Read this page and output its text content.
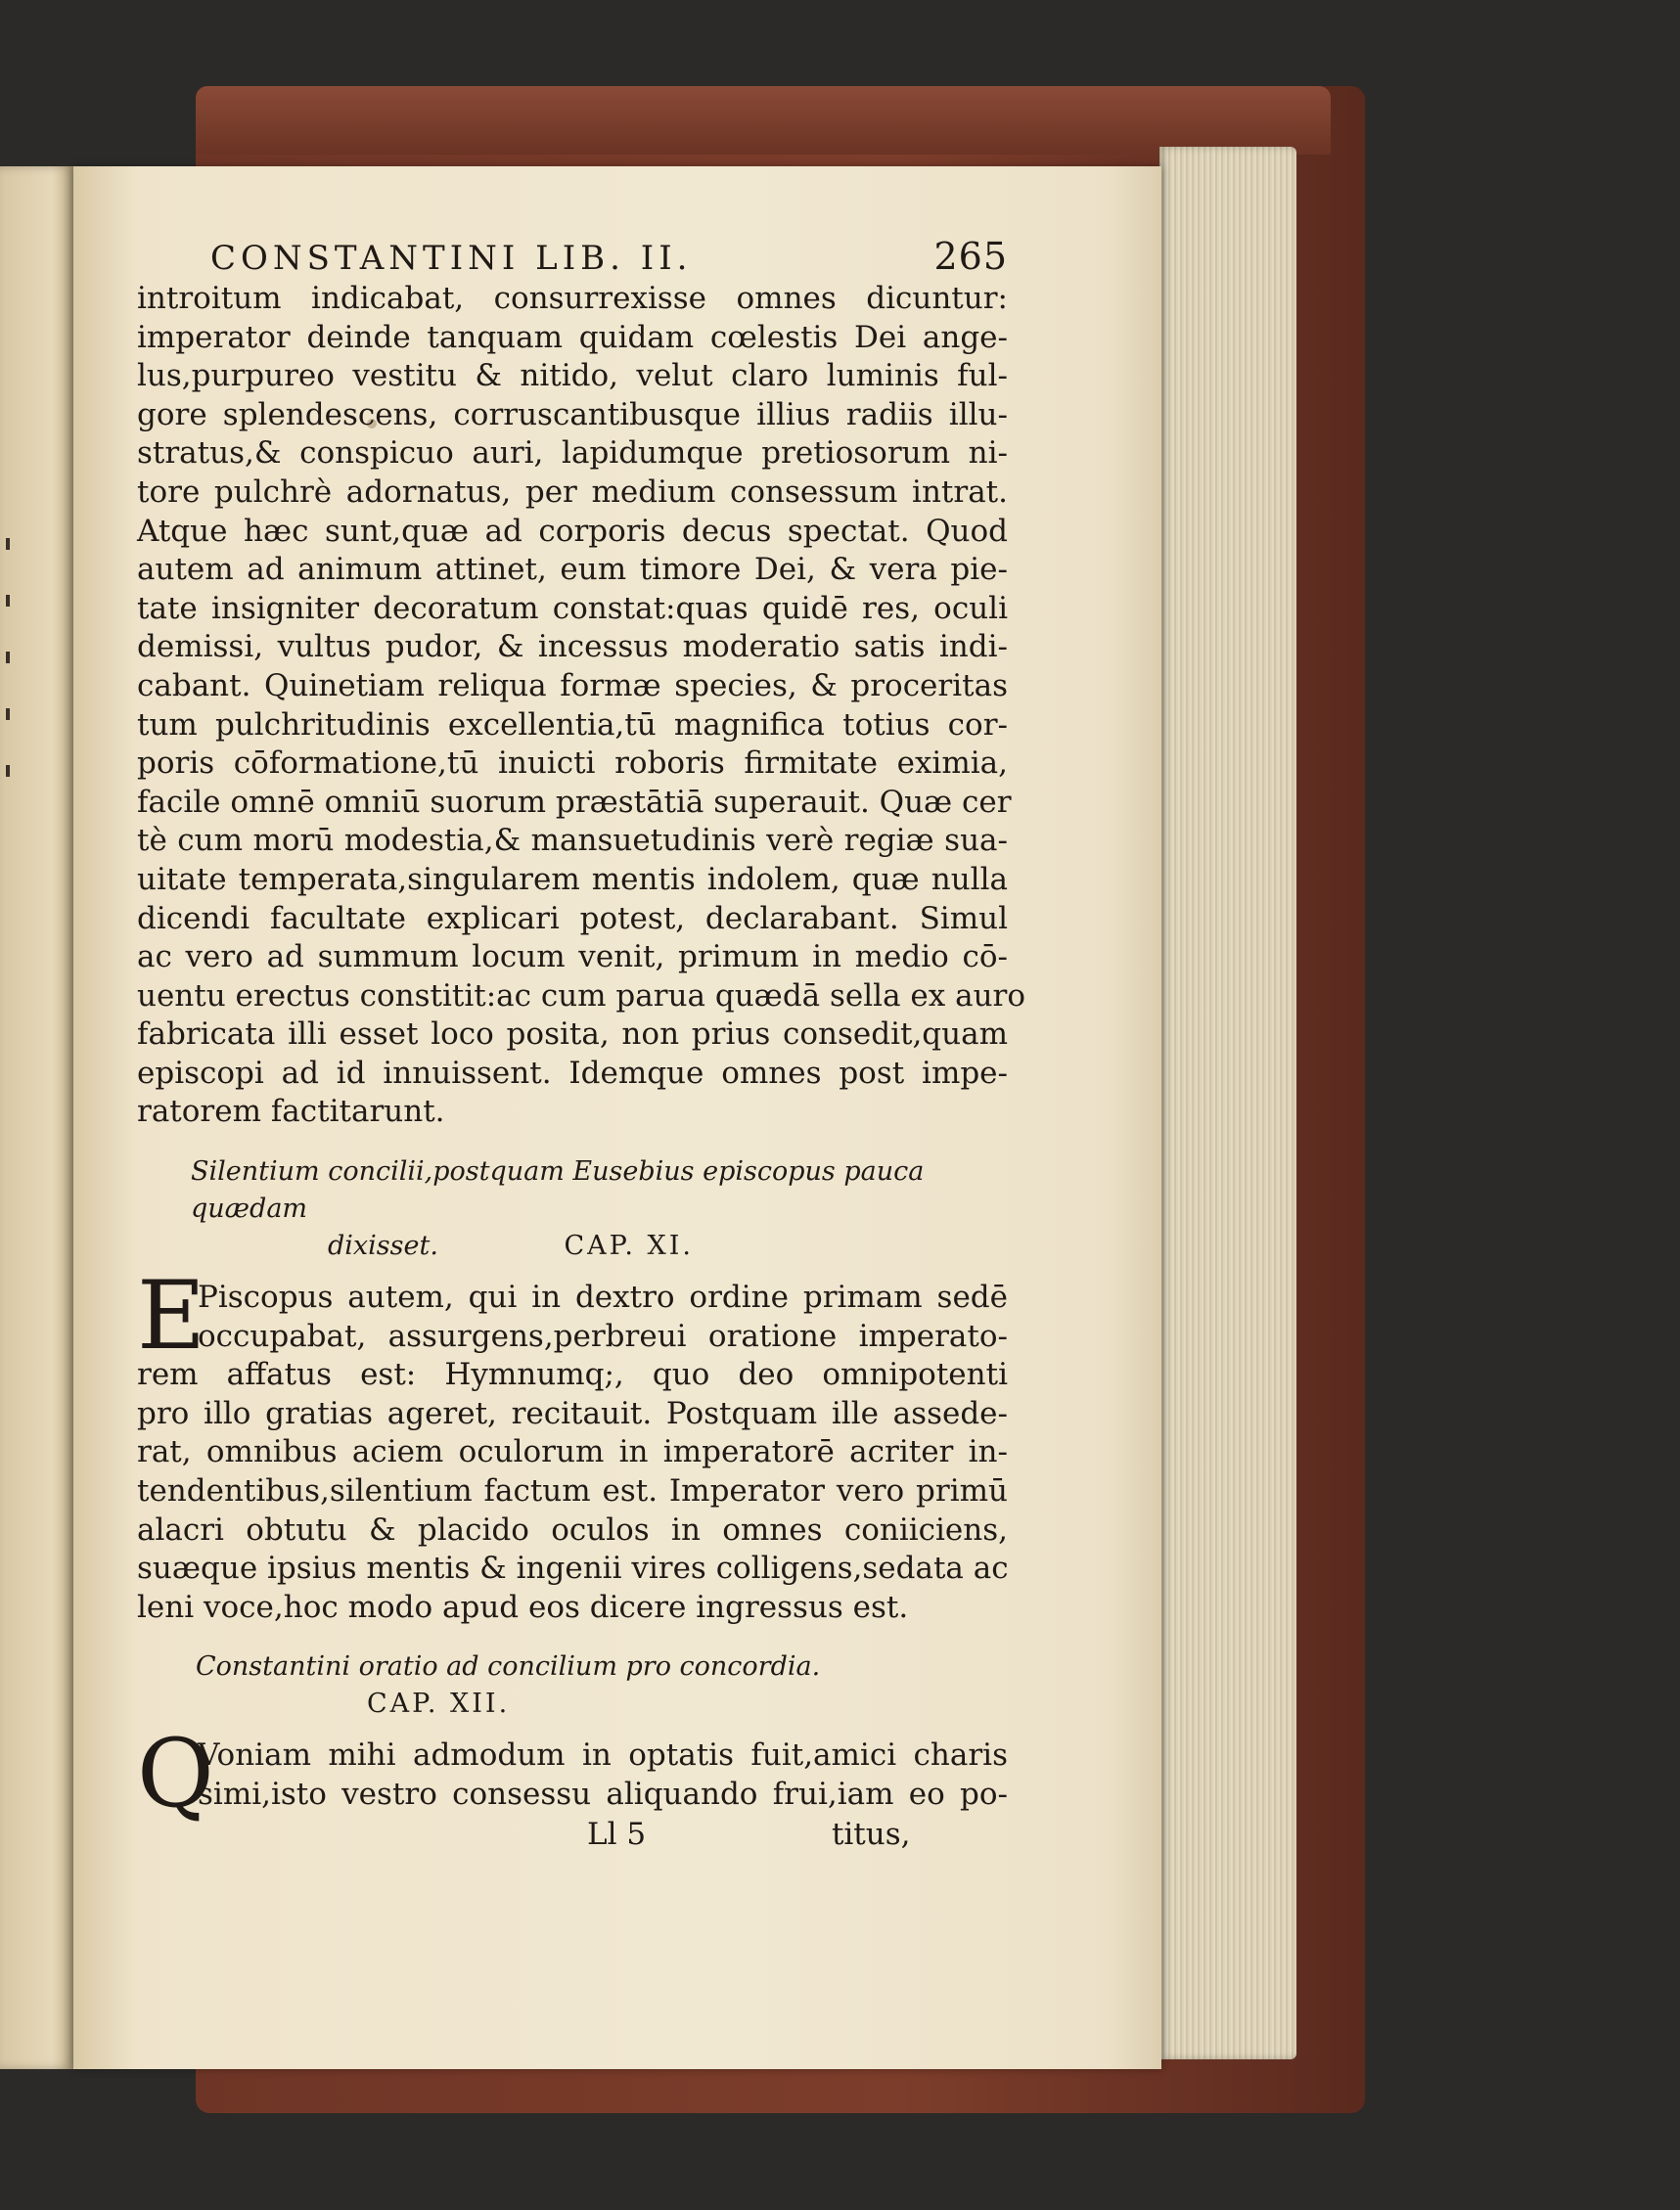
CONSTANTINI LIB. II.	265
introitum indicabat, consurrexisse omnes dicuntur:
imperator deinde tanquam quidam cœlestis Dei ange-
lus,purpureo vestitu & nitido, velut claro luminis ful-
gore splendescens, corruscantibusque illius radiis illu-
stratus,& conspicuo auri, lapidumque pretiosorum ni-
tore pulchrè adornatus, per medium consessum intrat.
Atque hæc sunt,quæ ad corporis decus spectat. Quod
autem ad animum attinet, eum timore Dei, & vera pie-
tate insigniter decoratum constat:quas quidē res, oculi
demissi, vultus pudor, & incessus moderatio satis indi-
cabant. Quinetiam reliqua formæ species, & proceritas
tum pulchritudinis excellentia,tū magnifica totius cor-
poris cōformatione,tū inuicti roboris firmitate eximia,
facile omnē omniū suorum præstātiā superauit. Quæ cer
tè cum morū modestia,& mansuetudinis verè regiæ sua-
uitate temperata,singularem mentis indolem, quæ nulla
dicendi facultate explicari potest, declarabant. Simul
ac vero ad summum locum venit, primum in medio cō-
uentu erectus constitit:ac cum parua quædā sella ex auro
fabricata illi esset loco posita, non prius consedit,quam
episcopi ad id innuissent. Idemque omnes post impe-
ratorem factitarunt.
Silentium concilii,postquam Eusebius episcopus pauca quædam
dixisset.	CAP. XI.
E
Piscopus autem, qui in dextro ordine primam sedē
occupabat, assurgens,perbreui oratione imperato-
rem affatus est: Hymnumq;, quo deo omnipotenti
pro illo gratias ageret, recitauit. Postquam ille assede-
rat, omnibus aciem oculorum in imperatorē acriter in-
tendentibus,silentium factum est. Imperator vero primū
alacri obtutu & placido oculos in omnes coniiciens,
suæque ipsius mentis & ingenii vires colligens,sedata ac
leni voce,hoc modo apud eos dicere ingressus est.
Constantini oratio ad concilium pro concordia.
CAP. XII.
Q
Voniam mihi admodum in optatis fuit,amici charis
simi,isto vestro consessu aliquando frui,iam eo po-
Ll 5	titus,
